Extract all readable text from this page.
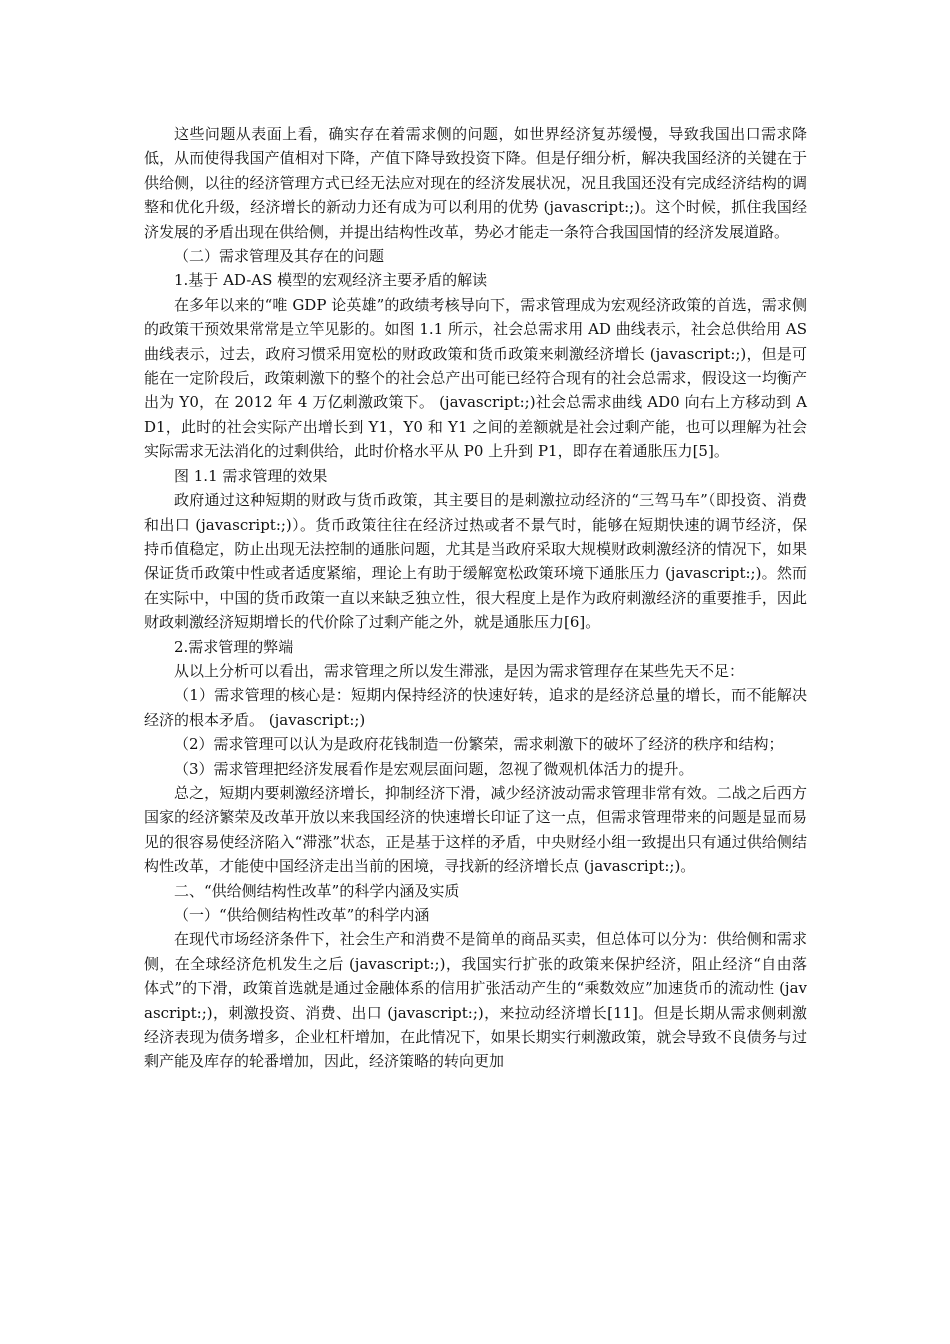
这些问题从表面上看，确实存在着需求侧的问题，如世界经济复苏缓慢，导致我国出口需求降低，从而使得我国产值相对下降，产值下降导致投资下降。但是仔细分析，解决我国经济的关键在于供给侧，以往的经济管理方式已经无法应对现在的经济发展状况，况且我国还没有完成经济结构的调整和优化升级，经济增长的新动力还有成为可以利用的优势 (javascript:;)。这个时候，抓住我国经济发展的矛盾出现在供给侧，并提出结构性改革，势必才能走一条符合我国国情的经济发展道路。

（二）需求管理及其存在的问题

1.基于 AD-AS 模型的宏观经济主要矛盾的解读

在多年以来的“唯 GDP 论英雄”的政绩考核导向下，需求管理成为宏观经济政策的首选，需求侧的政策干预效果常常是立竿见影的。如图 1.1 所示，社会总需求用 AD 曲线表示，社会总供给用 AS 曲线表示，过去，政府习惯采用宽松的财政政策和货币政策来刺激经济增长 (javascript:;)，但是可能在一定阶段后，政策刺激下的整个的社会总产出可能已经符合现有的社会总需求，假设这一均衡产出为 Y0，在 2012 年 4 万亿刺激政策下。 (javascript:;)社会总需求曲线 AD0 向右上方移动到 AD1，此时的社会实际产出增长到 Y1，Y0 和 Y1 之间的差额就是社会过剩产能，也可以理解为社会实际需求无法消化的过剩供给，此时价格水平从 P0 上升到 P1，即存在着通胀压力[5]。

图 1.1 需求管理的效果

政府通过这种短期的财政与货币政策，其主要目的是刺激拉动经济的“三驾马车”（即投资、消费和出口 (javascript:;)）。货币政策往往在经济过热或者不景气时，能够在短期快速的调节经济，保持币值稳定，防止出现无法控制的通胀问题，尤其是当政府采取大规模财政刺激经济的情况下，如果保证货币政策中性或者适度紧缩，理论上有助于缓解宽松政策环境下通胀压力 (javascript:;)。然而在实际中，中国的货币政策一直以来缺乏独立性，很大程度上是作为政府刺激经济的重要推手，因此财政刺激经济短期增长的代价除了过剩产能之外，就是通胀压力[6]。

2.需求管理的弊端

从以上分析可以看出，需求管理之所以发生滞涨，是因为需求管理存在某些先天不足：

（1）需求管理的核心是：短期内保持经济的快速好转，追求的是经济总量的增长，而不能解决经济的根本矛盾。 (javascript:;)

（2）需求管理可以认为是政府花钱制造一份繁荣，需求刺激下的破坏了经济的秩序和结构；

（3）需求管理把经济发展看作是宏观层面问题，忽视了微观机体活力的提升。

总之，短期内要刺激经济增长，抑制经济下滑，减少经济波动需求管理非常有效。二战之后西方国家的经济繁荣及改革开放以来我国经济的快速增长印证了这一点，但需求管理带来的问题是显而易见的很容易使经济陷入“滞涨”状态，正是基于这样的矛盾，中央财经小组一致提出只有通过供给侧结构性改革，才能使中国经济走出当前的困境，寻找新的经济增长点 (javascript:;)。

二、“供给侧结构性改革”的科学内涵及实质

（一）“供给侧结构性改革”的科学内涵

在现代市场经济条件下，社会生产和消费不是简单的商品买卖，但总体可以分为：供给侧和需求侧，在全球经济危机发生之后 (javascript:;)，我国实行扩张的政策来保护经济，阻止经济“自由落体式”的下滑，政策首选就是通过金融体系的信用扩张活动产生的“乘数效应”加速货币的流动性 (javascript:;)，刺激投资、消费、出口 (javascript:;)，来拉动经济增长[11]。但是长期从需求侧刺激经济表现为债务增多，企业杠杆增加，在此情况下，如果长期实行刺激政策，就会导致不良债务与过剩产能及库存的轮番增加，因此，经济策略的转向更加
